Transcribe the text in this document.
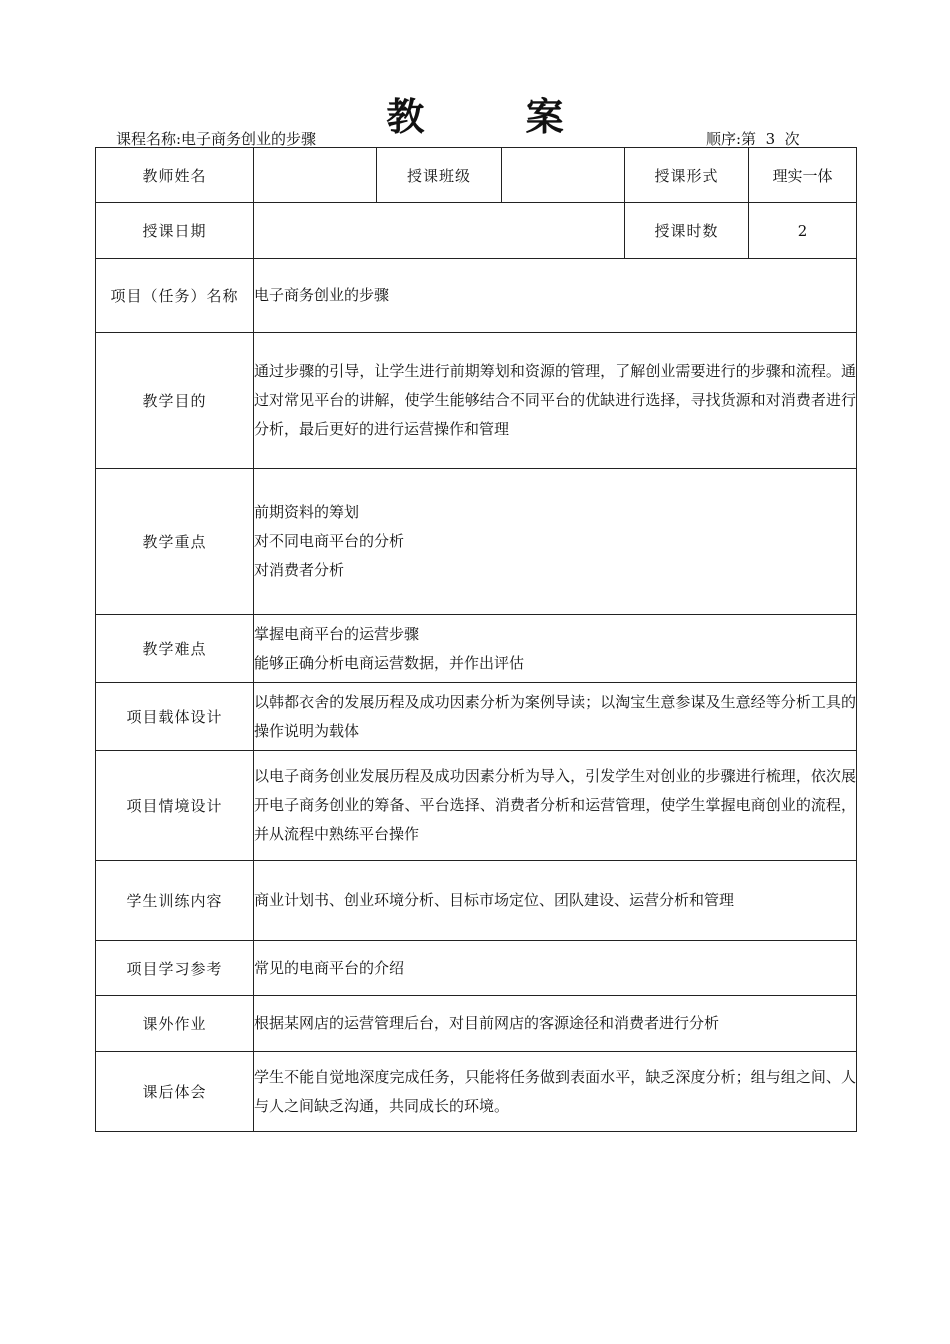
教 案
课程名称:电子商务创业的步骤	顺序:第  3  次
教师姓名		授课班级		授课形式	理实一体
授课日期				授课时数	2
项目（任务）名称	电子商务创业的步骤				

教学目的	通过步骤的引导，让学生进行前期筹划和资源的管理，了解创业需要进行的步骤和流程。通过对常见平台的讲解，使学生能够结合不同平台的优缺进行选择，寻找货源和对消费者进行分析，最后更好的进行运营操作和管理				

教学重点	前期资料的筹划
对不同电商平台的分析
对消费者分析				

教学难点	掌握电商平台的运营步骤
能够正确分析电商运营数据，并作出评估				

项目载体设计	以韩都衣舍的发展历程及成功因素分析为案例导读；以淘宝生意参谋及生意经等分析工具的操作说明为载体				

项目情境设计	以电子商务创业发展历程及成功因素分析为导入，引发学生对创业的步骤进行梳理，依次展开电子商务创业的筹备、平台选择、消费者分析和运营管理，使学生掌握电商创业的流程，并从流程中熟练平台操作				

学生训练内容	商业计划书、创业环境分析、目标市场定位、团队建设、运营分析和管理				

项目学习参考	常见的电商平台的介绍				

课外作业	根据某网店的运营管理后台，对目前网店的客源途径和消费者进行分析				

课后体会	学生不能自觉地深度完成任务，只能将任务做到表面水平，缺乏深度分析；组与组之间、人与人之间缺乏沟通，共同成长的环境。				
